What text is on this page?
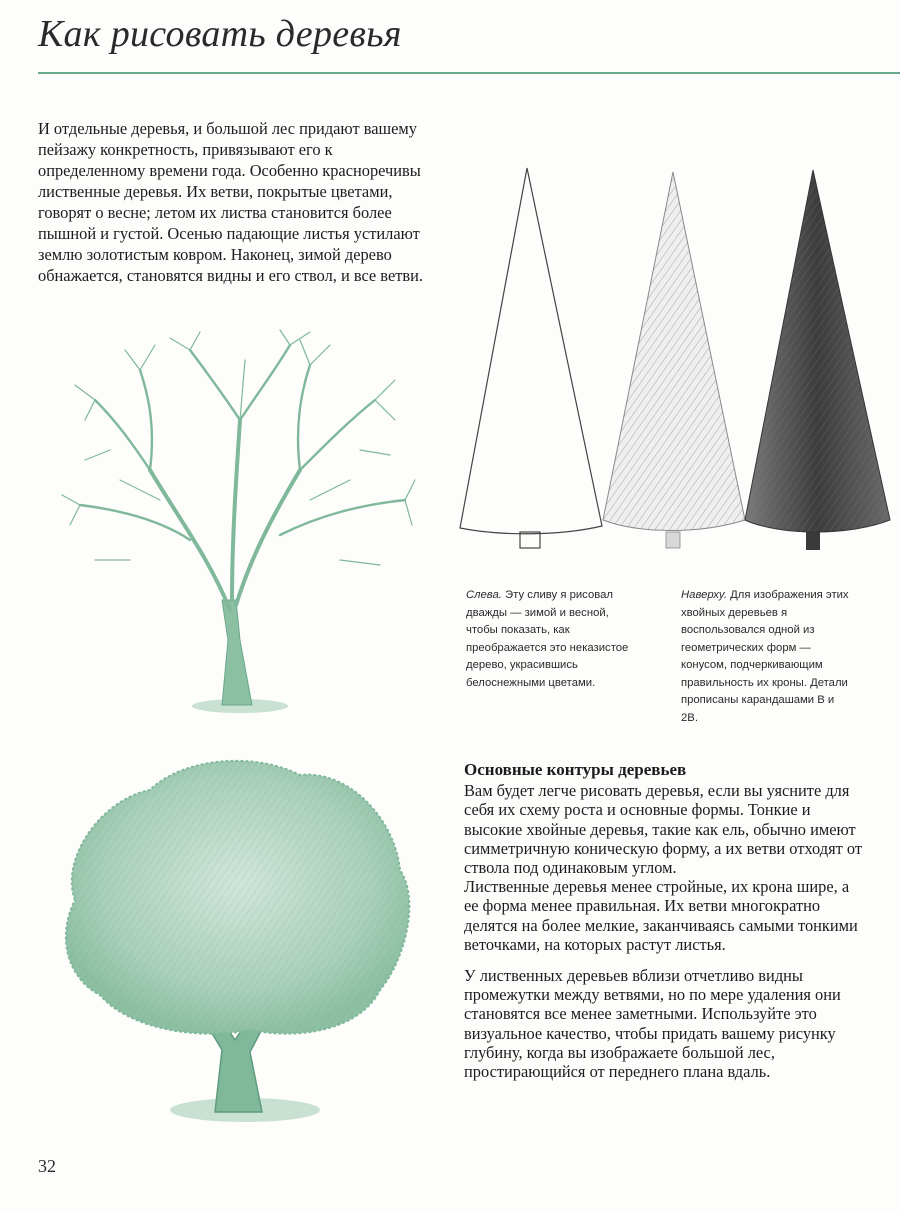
Как рисовать деревья

И отдельные деревья, и большой лес придают вашему пейзажу конкретность, привязывают его к определенному времени года. Особенно красноречивы лиственные деревья. Их ветви, покрытые цветами, говорят о весне; летом их листва становится более пышной и густой. Осенью падающие листья устилают землю золотистым ковром. Наконец, зимой дерево обнажается, становятся видны и его ствол, и все ветви.

Слева. Эту сливу я рисовал дважды — зимой и весной, чтобы показать, как преображается это неказистое дерево, украсившись белоснежными цветами.

Наверху. Для изображения этих хвойных деревьев я воспользовался одной из геометрических форм — конусом, подчеркивающим правильность их кроны. Детали прописаны карандашами В и 2В.

Основные контуры деревьев

Вам будет легче рисовать деревья, если вы уясните для себя их схему роста и основные формы. Тонкие и высокие хвойные деревья, такие как ель, обычно имеют симметричную коническую форму, а их ветви отходят от ствола под одинаковым углом.

Лиственные деревья менее стройные, их крона шире, а ее форма менее правильная. Их ветви многократно делятся на более мелкие, заканчиваясь самыми тонкими веточками, на которых растут листья.

У лиственных деревьев вблизи отчетливо видны промежутки между ветвями, но по мере удаления они становятся все менее заметными. Используйте это визуальное качество, чтобы придать вашему рисунку глубину, когда вы изображаете большой лес, простирающийся от переднего плана вдаль.

32
